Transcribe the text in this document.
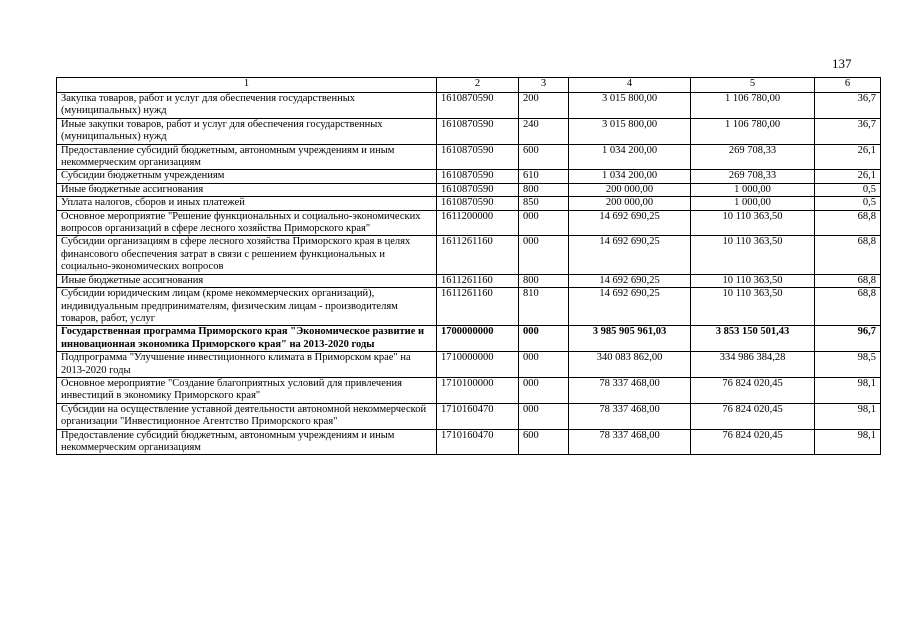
137
1	2	3	4	5	6
Закупка товаров, работ и услуг для обеспечения государственных (муниципальных) нужд	1610870590	200	3 015 800,00	1 106 780,00	36,7
Иные закупки товаров, работ и услуг для обеспечения государственных (муниципальных) нужд	1610870590	240	3 015 800,00	1 106 780,00	36,7
Предоставление субсидий бюджетным, автономным учреждениям и иным некоммерческим организациям	1610870590	600	1 034 200,00	269 708,33	26,1
Субсидии бюджетным учреждениям	1610870590	610	1 034 200,00	269 708,33	26,1
Иные бюджетные ассигнования	1610870590	800	200 000,00	1 000,00	0,5
Уплата налогов, сборов и иных платежей	1610870590	850	200 000,00	1 000,00	0,5
Основное мероприятие "Решение функциональных и социально-экономических вопросов организаций в сфере лесного хозяйства Приморского края"	1611200000	000	14 692 690,25	10 110 363,50	68,8
Субсидии организациям в сфере лесного хозяйства Приморского края в целях финансового обеспечения затрат в связи с решением функциональных и социально-экономических вопросов	1611261160	000	14 692 690,25	10 110 363,50	68,8
Иные бюджетные ассигнования	1611261160	800	14 692 690,25	10 110 363,50	68,8
Субсидии юридическим лицам (кроме некоммерческих организаций), индивидуальным предпринимателям, физическим лицам - производителям товаров, работ, услуг	1611261160	810	14 692 690,25	10 110 363,50	68,8
Государственная программа Приморского края "Экономическое развитие и инновационная экономика Приморского края" на 2013-2020 годы	1700000000	000	3 985 905 961,03	3 853 150 501,43	96,7
Подпрограмма "Улучшение инвестиционного климата в Приморском крае" на 2013-2020 годы	1710000000	000	340 083 862,00	334 986 384,28	98,5
Основное мероприятие "Создание благоприятных условий для привлечения инвестиций в экономику Приморского края"	1710100000	000	78 337 468,00	76 824 020,45	98,1
Субсидии на осуществление уставной деятельности автономной некоммерческой организации "Инвестиционное Агентство Приморского края"	1710160470	000	78 337 468,00	76 824 020,45	98,1
Предоставление субсидий бюджетным, автономным учреждениям и иным некоммерческим организациям	1710160470	600	78 337 468,00	76 824 020,45	98,1
